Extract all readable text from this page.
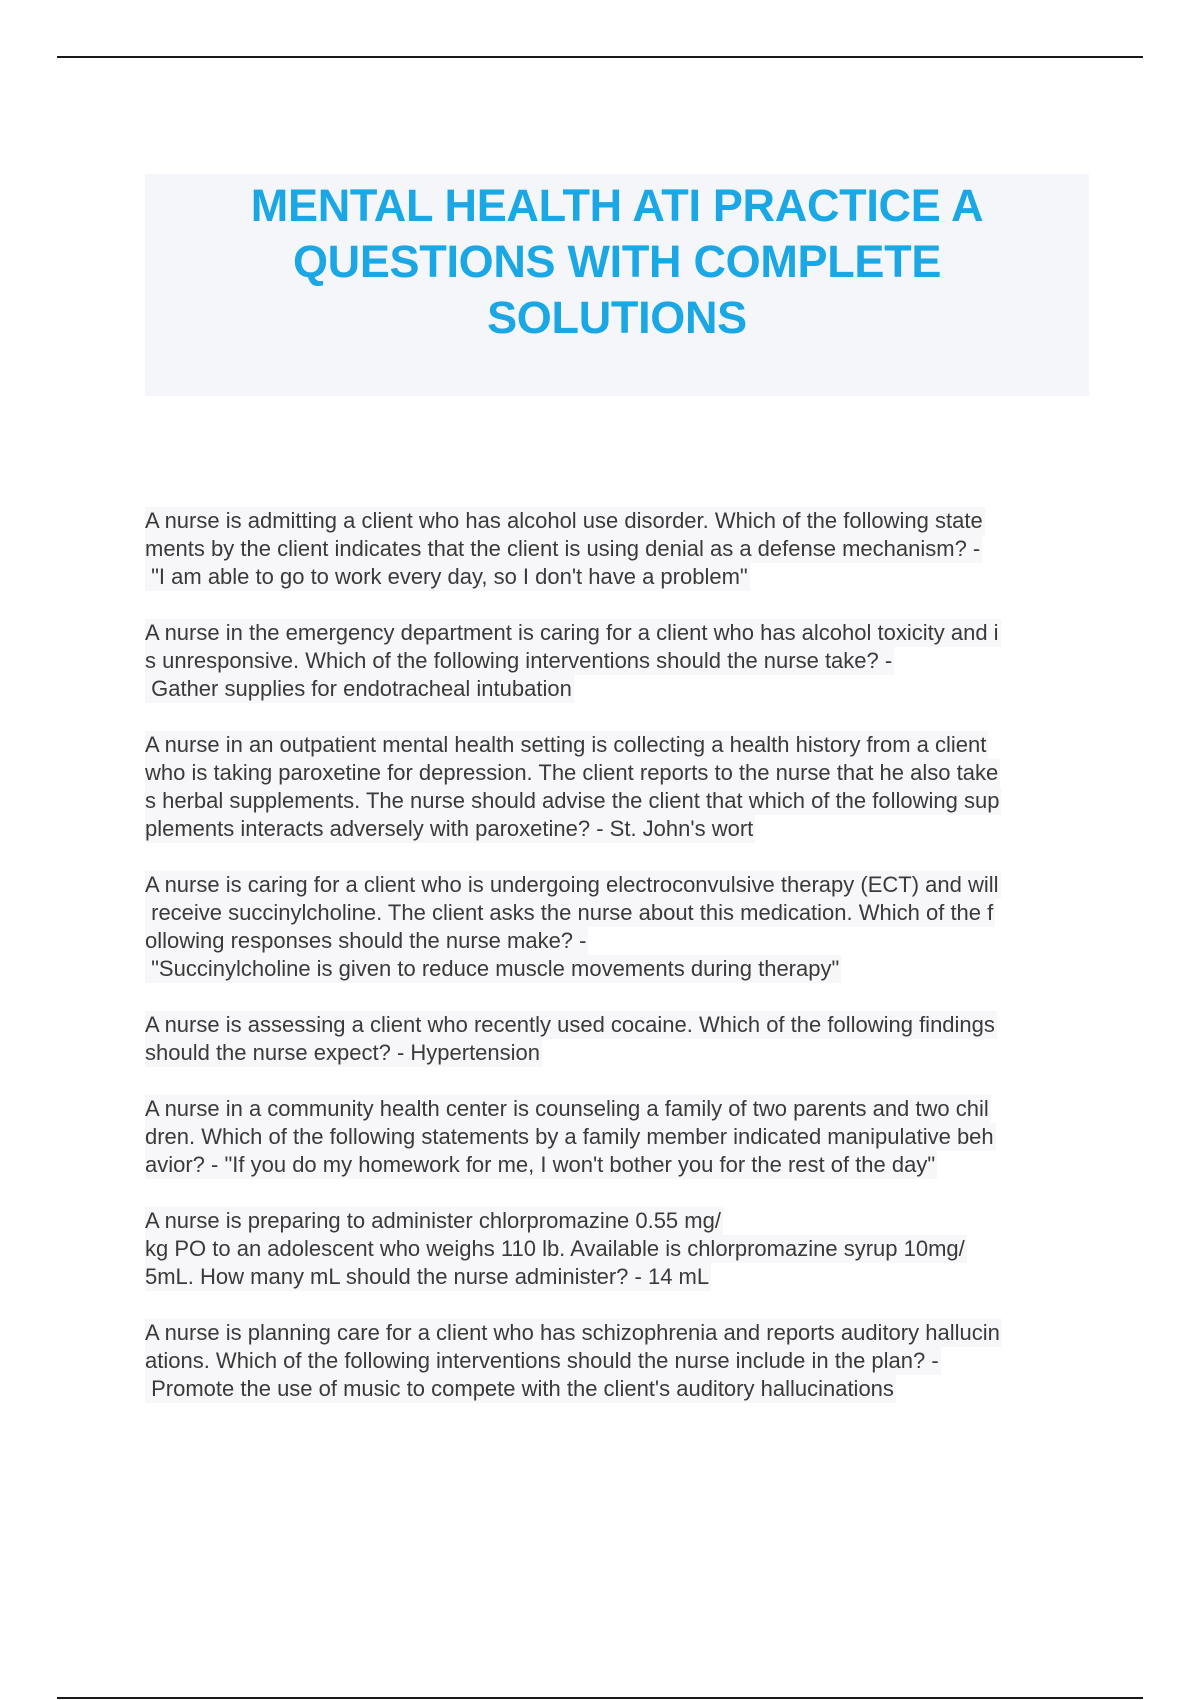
MENTAL HEALTH ATI PRACTICE A
QUESTIONS WITH COMPLETE
SOLUTIONS
A nurse is admitting a client who has alcohol use disorder. Which of the following state
ments by the client indicates that the client is using denial as a defense mechanism? -
"I am able to go to work every day, so I don't have a problem"
A nurse in the emergency department is caring for a client who has alcohol toxicity and i
s unresponsive. Which of the following interventions should the nurse take? -
Gather supplies for endotracheal intubation
A nurse in an outpatient mental health setting is collecting a health history from a client
who is taking paroxetine for depression. The client reports to the nurse that he also take
s herbal supplements. The nurse should advise the client that which of the following sup
plements interacts adversely with paroxetine? - St. John's wort
A nurse is caring for a client who is undergoing electroconvulsive therapy (ECT) and will
receive succinylcholine. The client asks the nurse about this medication. Which of the f
ollowing responses should the nurse make? -
"Succinylcholine is given to reduce muscle movements during therapy"
A nurse is assessing a client who recently used cocaine. Which of the following findings
should the nurse expect? - Hypertension
A nurse in a community health center is counseling a family of two parents and two chil
dren. Which of the following statements by a family member indicated manipulative beh
avior? - "If you do my homework for me, I won't bother you for the rest of the day"
A nurse is preparing to administer chlorpromazine 0.55 mg/
kg PO to an adolescent who weighs 110 lb. Available is chlorpromazine syrup 10mg/
5mL. How many mL should the nurse administer? - 14 mL
A nurse is planning care for a client who has schizophrenia and reports auditory hallucin
ations. Which of the following interventions should the nurse include in the plan? -
Promote the use of music to compete with the client's auditory hallucinations
